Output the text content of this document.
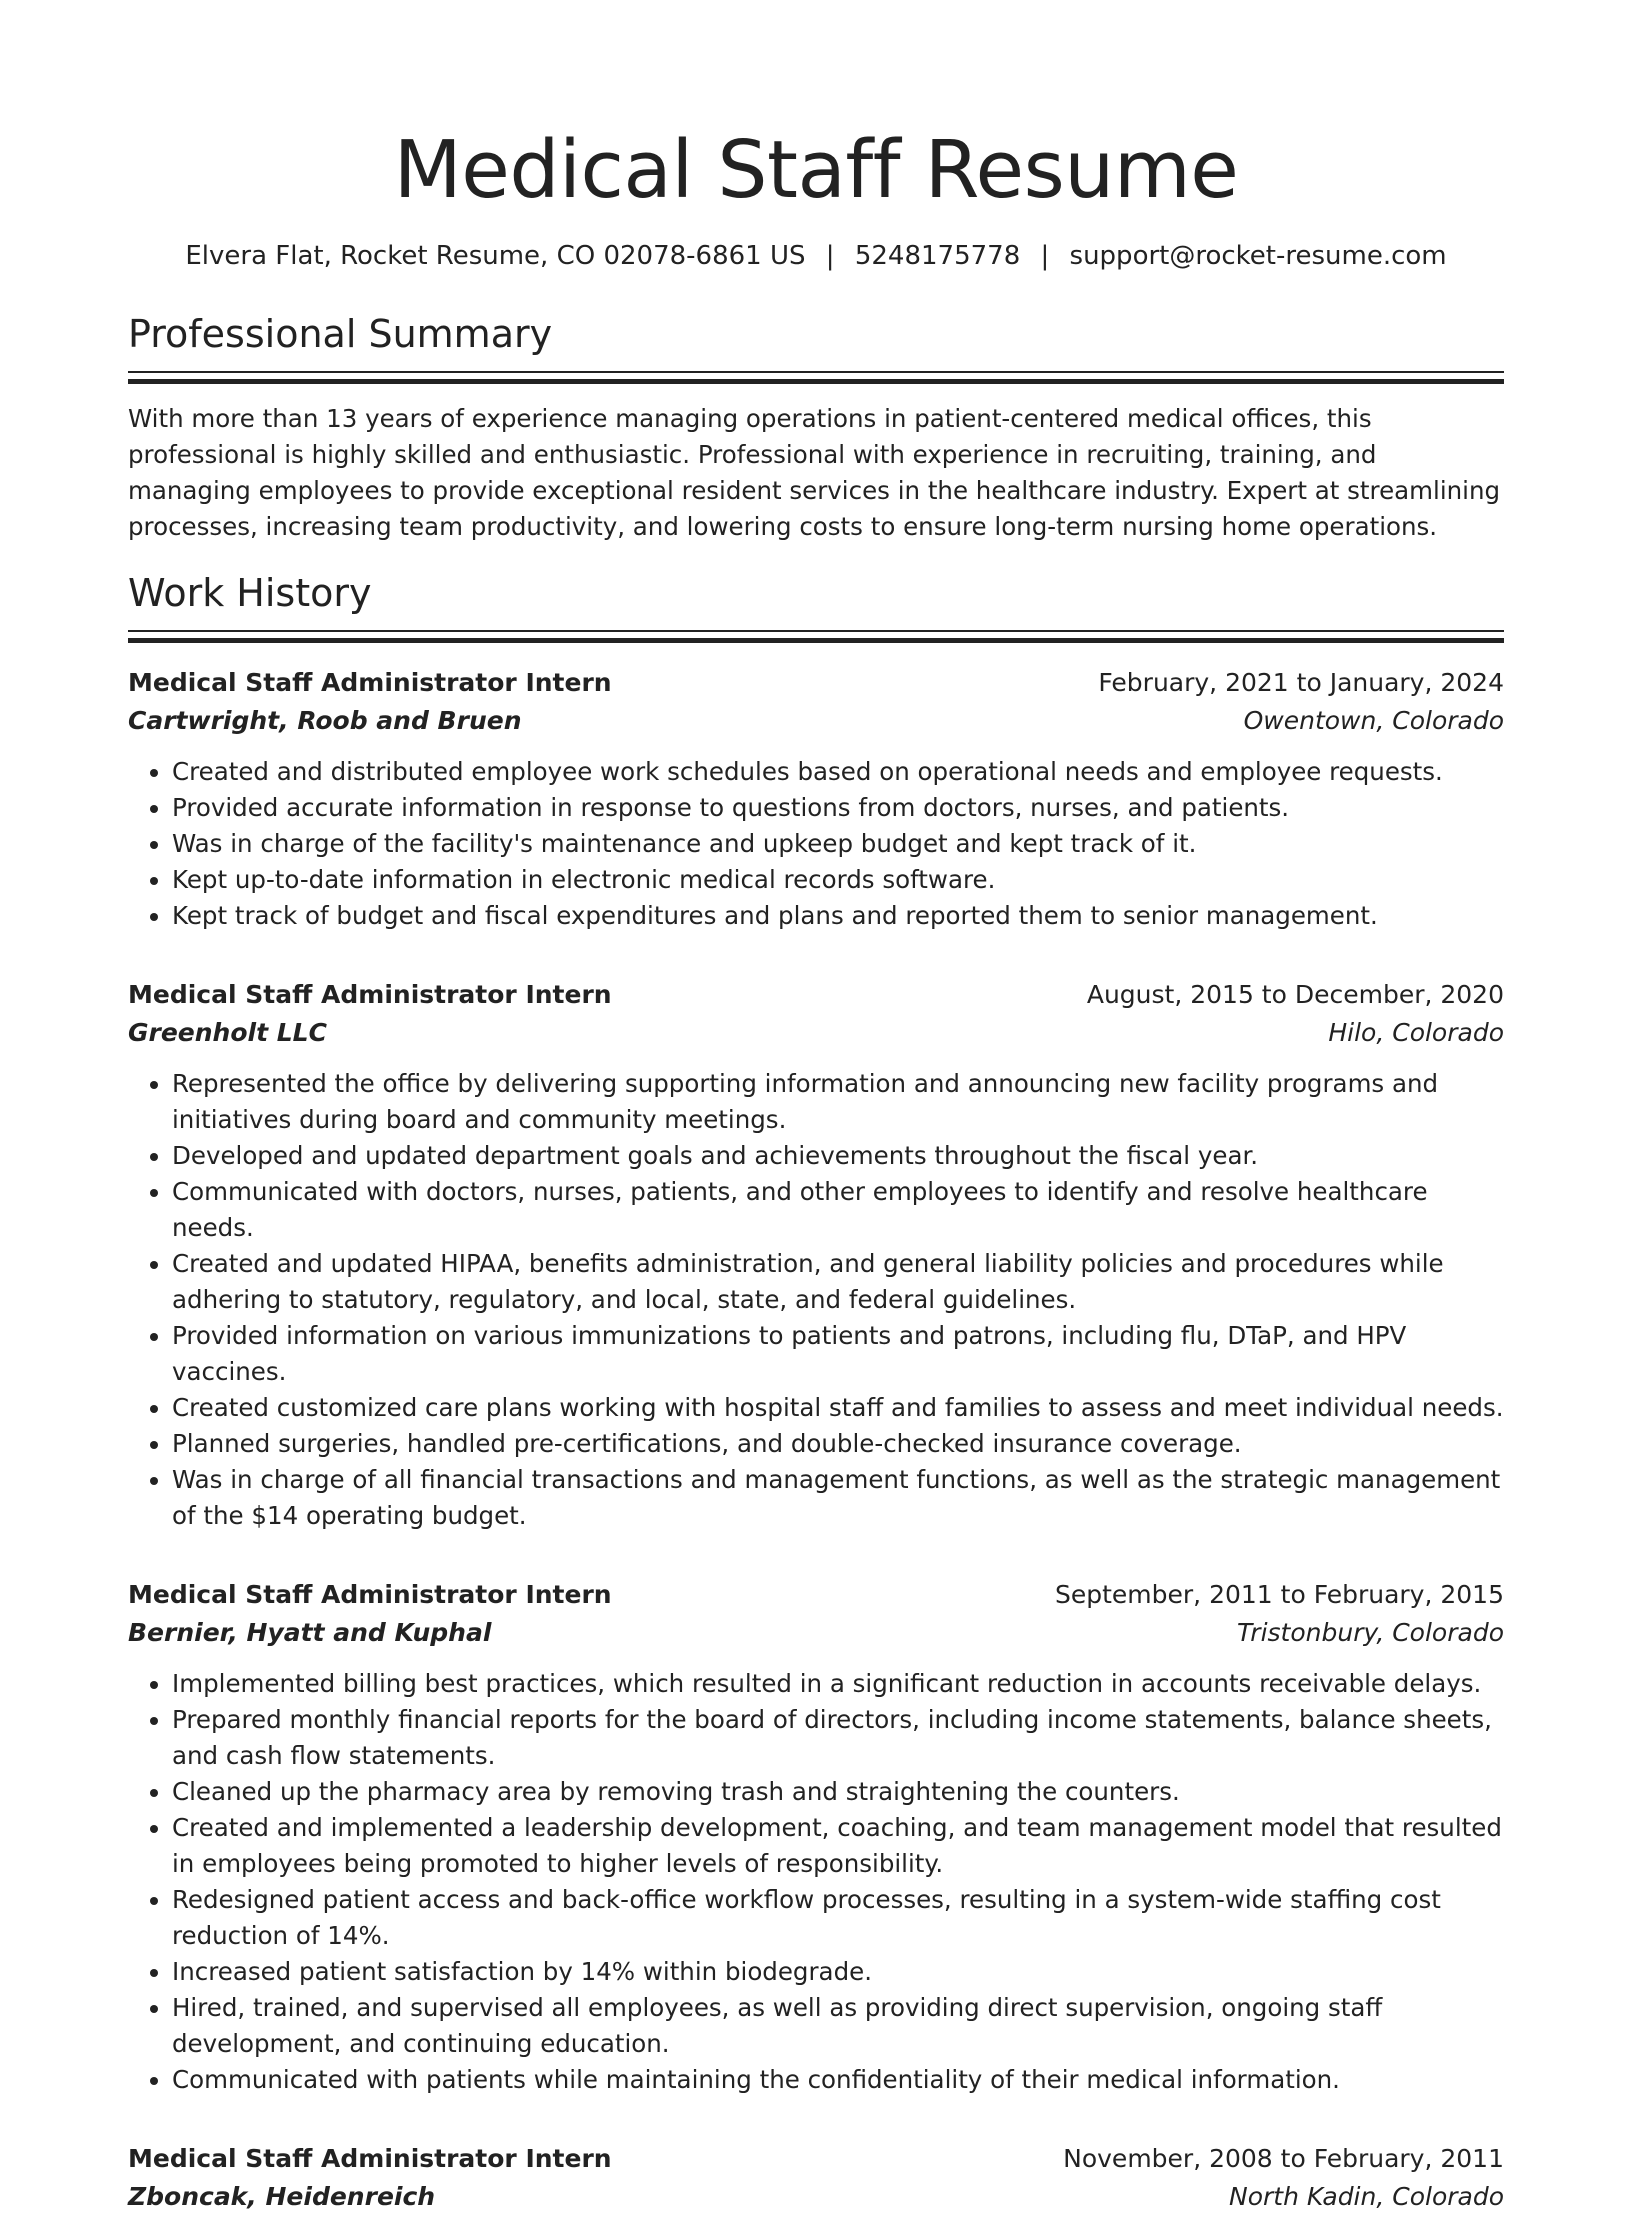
Medical Staff Resume
Elvera Flat, Rocket Resume, CO 02078-6861 US | 5248175778 | support@rocket-resume.com
Professional Summary

With more than 13 years of experience managing operations in patient-centered medical offices, this professional is highly skilled and enthusiastic. Professional with experience in recruiting, training, and managing employees to provide exceptional resident services in the healthcare industry. Expert at streamlining processes, increasing team productivity, and lowering costs to ensure long-term nursing home operations.

Work History
Medical Staff Administrator Intern	February, 2021 to January, 2024
Cartwright, Roob and Bruen	Owentown, Colorado
• Created and distributed employee work schedules based on operational needs and employee requests.
• Provided accurate information in response to questions from doctors, nurses, and patients.
• Was in charge of the facility's maintenance and upkeep budget and kept track of it.
• Kept up-to-date information in electronic medical records software.
• Kept track of budget and fiscal expenditures and plans and reported them to senior management.
Medical Staff Administrator Intern	August, 2015 to December, 2020
Greenholt LLC	Hilo, Colorado
• Represented the office by delivering supporting information and announcing new facility programs and initiatives during board and community meetings.
• Developed and updated department goals and achievements throughout the fiscal year.
• Communicated with doctors, nurses, patients, and other employees to identify and resolve healthcare needs.
• Created and updated HIPAA, benefits administration, and general liability policies and procedures while adhering to statutory, regulatory, and local, state, and federal guidelines.
• Provided information on various immunizations to patients and patrons, including flu, DTaP, and HPV vaccines.
• Created customized care plans working with hospital staff and families to assess and meet individual needs.
• Planned surgeries, handled pre-certifications, and double-checked insurance coverage.
• Was in charge of all financial transactions and management functions, as well as the strategic management of the $14 operating budget.
Medical Staff Administrator Intern	September, 2011 to February, 2015
Bernier, Hyatt and Kuphal	Tristonbury, Colorado
• Implemented billing best practices, which resulted in a significant reduction in accounts receivable delays.
• Prepared monthly financial reports for the board of directors, including income statements, balance sheets, and cash flow statements.
• Cleaned up the pharmacy area by removing trash and straightening the counters.
• Created and implemented a leadership development, coaching, and team management model that resulted in employees being promoted to higher levels of responsibility.
• Redesigned patient access and back-office workflow processes, resulting in a system-wide staffing cost reduction of 14%.
• Increased patient satisfaction by 14% within biodegrade.
• Hired, trained, and supervised all employees, as well as providing direct supervision, ongoing staff development, and continuing education.
• Communicated with patients while maintaining the confidentiality of their medical information.
Medical Staff Administrator Intern	November, 2008 to February, 2011
Zboncak, Heidenreich	North Kadin, Colorado
